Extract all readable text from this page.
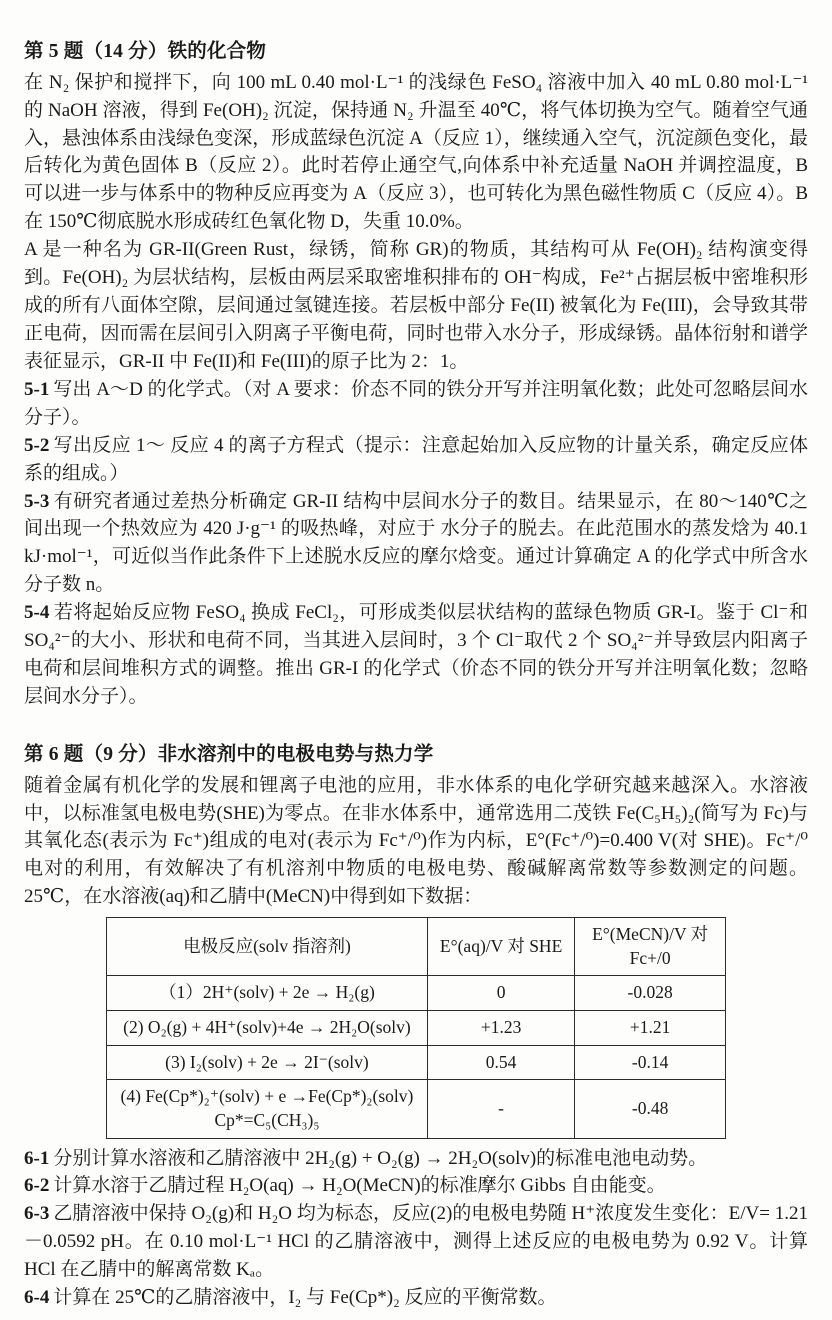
第 5 题（14 分）铁的化合物

在 N₂ 保护和搅拌下，向 100 mL 0.40 mol·L⁻¹ 的浅绿色 FeSO₄ 溶液中加入 40 mL 0.80 mol·L⁻¹ 的 NaOH 溶液，得到 Fe(OH)₂ 沉淀，保持通 N₂ 升温至 40℃，将气体切换为空气。随着空气通入，悬浊体系由浅绿色变深，形成蓝绿色沉淀 A（反应 1），继续通入空气，沉淀颜色变化，最后转化为黄色固体 B（反应 2）。此时若停止通空气,向体系中补充适量 NaOH 并调控温度，B 可以进一步与体系中的物种反应再变为 A（反应 3），也可转化为黑色磁性物质 C（反应 4）。B 在 150℃彻底脱水形成砖红色氧化物 D，失重 10.0%。

A 是一种名为 GR-II(Green Rust，绿锈，简称 GR)的物质，其结构可从 Fe(OH)₂ 结构演变得到。Fe(OH)₂ 为层状结构，层板由两层采取密堆积排布的 OH⁻构成，Fe²⁺占据层板中密堆积形成的所有八面体空隙，层间通过氢键连接。若层板中部分 Fe(II) 被氧化为 Fe(III)，会导致其带正电荷，因而需在层间引入阴离子平衡电荷，同时也带入水分子，形成绿锈。晶体衍射和谱学表征显示，GR-II 中 Fe(II)和 Fe(III)的原子比为 2：1。

5-1 写出 A～D 的化学式。（对 A 要求：价态不同的铁分开写并注明氧化数；此处可忽略层间水分子）。

5-2 写出反应 1～ 反应 4 的离子方程式（提示：注意起始加入反应物的计量关系，确定反应体系的组成。）

5-3 有研究者通过差热分析确定 GR-II 结构中层间水分子的数目。结果显示，在 80～140℃之间出现一个热效应为 420 J·g⁻¹ 的吸热峰，对应于 水分子的脱去。在此范围水的蒸发焓为 40.1 kJ·mol⁻¹，可近似当作此条件下上述脱水反应的摩尔焓变。通过计算确定 A 的化学式中所含水分子数 n。

5-4 若将起始反应物 FeSO₄ 换成 FeCl₂，可形成类似层状结构的蓝绿色物质 GR-I。鉴于 Cl⁻和 SO₄²⁻的大小、形状和电荷不同，当其进入层间时，3 个 Cl⁻取代 2 个 SO₄²⁻并导致层内阳离子电荷和层间堆积方式的调整。推出 GR-I 的化学式（价态不同的铁分开写并注明氧化数；忽略层间水分子）。

第 6 题（9 分）非水溶剂中的电极电势与热力学

随着金属有机化学的发展和锂离子电池的应用，非水体系的电化学研究越来越深入。水溶液中，以标准氢电极电势(SHE)为零点。在非水体系中，通常选用二茂铁 Fe(C₅H₅)₂(简写为 Fc)与其氧化态(表示为 Fc⁺)组成的电对(表示为 Fc⁺/⁰)作为内标，E°(Fc⁺/⁰)=0.400 V(对 SHE)。Fc⁺/⁰ 电对的利用，有效解决了有机溶剂中物质的电极电势、酸碱解离常数等参数测定的问题。25℃，在水溶液(aq)和乙腈中(MeCN)中得到如下数据：

电极反应(solv 指溶剂)	E°(aq)/V 对 SHE	E°(MeCN)/V 对 Fc+/0
（1）2H⁺(solv) + 2e → H₂(g)	0	-0.028
(2) O₂(g) + 4H⁺(solv)+4e → 2H₂O(solv)	+1.23	+1.21
(3) I₂(solv) + 2e → 2I⁻(solv)	0.54	-0.14
(4) Fe(Cp*)₂⁺(solv) + e →Fe(Cp*)₂(solv)
Cp*=C₅(CH₃)₅	-	-0.48

6-1 分别计算水溶液和乙腈溶液中 2H₂(g) + O₂(g) → 2H₂O(solv)的标准电池电动势。

6-2 计算水溶于乙腈过程 H₂O(aq) → H₂O(MeCN)的标准摩尔 Gibbs 自由能变。

6-3 乙腈溶液中保持 O₂(g)和 H₂O 均为标态，反应(2)的电极电势随 H⁺浓度发生变化：E/V= 1.21－0.0592 pH。在 0.10 mol·L⁻¹ HCl 的乙腈溶液中，测得上述反应的电极电势为 0.92 V。计算 HCl 在乙腈中的解离常数 Kₐ。

6-4 计算在 25℃的乙腈溶液中，I₂ 与 Fe(Cp*)₂ 反应的平衡常数。
